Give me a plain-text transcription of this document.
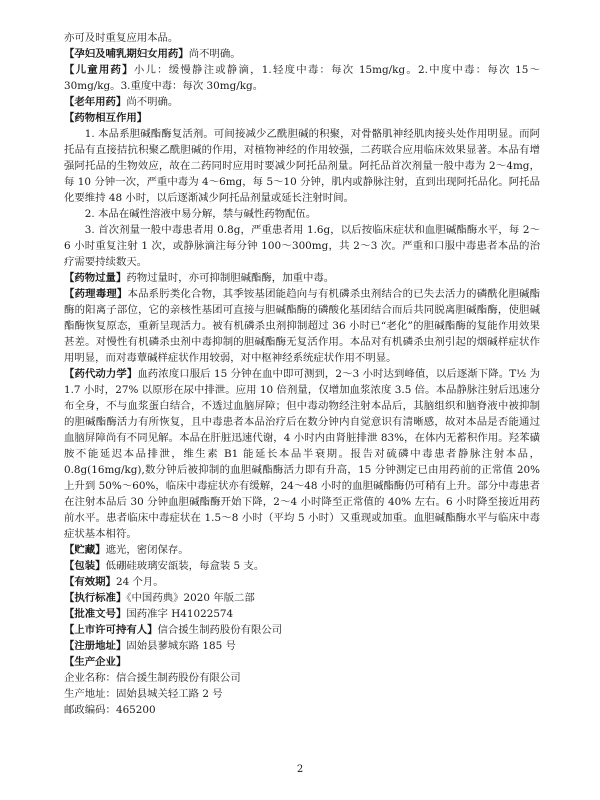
亦可及时重复应用本品。

【孕妇及哺乳期妇女用药】尚不明确。

【儿童用药】小儿：缓慢静注或静滴，1.轻度中毒：每次 15mg/kg。2.中度中毒：每次 15～30mg/kg。3.重度中毒：每次 30mg/kg。

【老年用药】尚不明确。

【药物相互作用】

1. 本品系胆碱酯酶复活剂。可间接减少乙酰胆碱的积聚，对骨骼肌神经肌肉接头处作用明显。而阿托品有直接拮抗积聚乙酰胆碱的作用，对植物神经的作用较强，二药联合应用临床效果显著。本品有增强阿托品的生物效应，故在二药同时应用时要减少阿托品剂量。阿托品首次剂量一般中毒为 2～4mg，每 10 分钟一次，严重中毒为 4～6mg，每 5～10 分钟，肌内或静脉注射，直到出现阿托品化。阿托品化要维持 48 小时，以后逐渐减少阿托品剂量或延长注射时间。

2. 本品在碱性溶液中易分解，禁与碱性药物配伍。

3. 首次剂量一般中毒患者用 0.8g，严重患者用 1.6g，以后按临床症状和血胆碱酯酶水平，每 2～6 小时重复注射 1 次，或静脉滴注每分钟 100～300mg，共 2～3 次。严重和口服中毒患者本品的治疗需要持续数天。

【药物过量】药物过量时，亦可抑制胆碱酯酶，加重中毒。

【药理毒理】本品系肟类化合物，其季铵基团能趋向与有机磷杀虫剂结合的已失去活力的磷酰化胆碱酯酶的阳离子部位，它的亲核性基团可直接与胆碱酯酶的磷酸化基团结合而后共同脱离胆碱酯酶，使胆碱酯酶恢复原态，重新呈现活力。被有机磷杀虫剂抑制超过 36 小时已“老化”的胆碱酯酶的复能作用效果甚差。对慢性有机磷杀虫剂中毒抑制的胆碱酯酶无复活作用。本品对有机磷杀虫剂引起的烟碱样症状作用明显，而对毒蕈碱样症状作用较弱，对中枢神经系统症状作用不明显。

【药代动力学】血药浓度口服后 15 分钟在血中即可测到，2～3 小时达到峰值，以后逐渐下降。T½ 为 1.7 小时，27% 以原形在尿中排泄。应用 10 倍剂量，仅增加血浆浓度 3.5 倍。本品静脉注射后迅速分布全身，不与血浆蛋白结合，不透过血脑屏障；但中毒动物经注射本品后，其脑组织和脑脊液中被抑制的胆碱酯酶活力有所恢复，且中毒患者本品治疗后在数分钟内自觉意识有清晰感，故对本品是否能通过血脑屏障尚有不同见解。本品在肝脏迅速代谢，4 小时内由肾脏排泄 83%，在体内无蓄积作用。羟苯磺胺不能延迟本品排泄，维生素 B1 能延长本品半衰期。报告对硫磷中毒患者静脉注射本品，0.8g(16mg/kg),数分钟后被抑制的血胆碱酯酶活力即有升高，15 分钟测定已由用药前的正常值 20% 上升到 50%～60%，临床中毒症状亦有缓解，24～48 小时的血胆碱酯酶仍可稍有上升。部分中毒患者在注射本品后 30 分钟血胆碱酯酶开始下降，2～4 小时降至正常值的 40% 左右。6 小时降至接近用药前水平。患者临床中毒症状在 1.5～8 小时（平均 5 小时）又重现或加重。血胆碱酯酶水平与临床中毒症状基本相符。

【贮藏】遮光，密闭保存。

【包装】低硼硅玻璃安瓿装，每盒装 5 支。

【有效期】24 个月。

【执行标准】《中国药典》2020 年版二部

【批准文号】国药准字 H41022574

【上市许可持有人】信合援生制药股份有限公司

【注册地址】固始县蓼城东路 185 号

【生产企业】

企业名称：信合援生制药股份有限公司

生产地址：固始县城关轻工路 2 号

邮政编码：465200

2
